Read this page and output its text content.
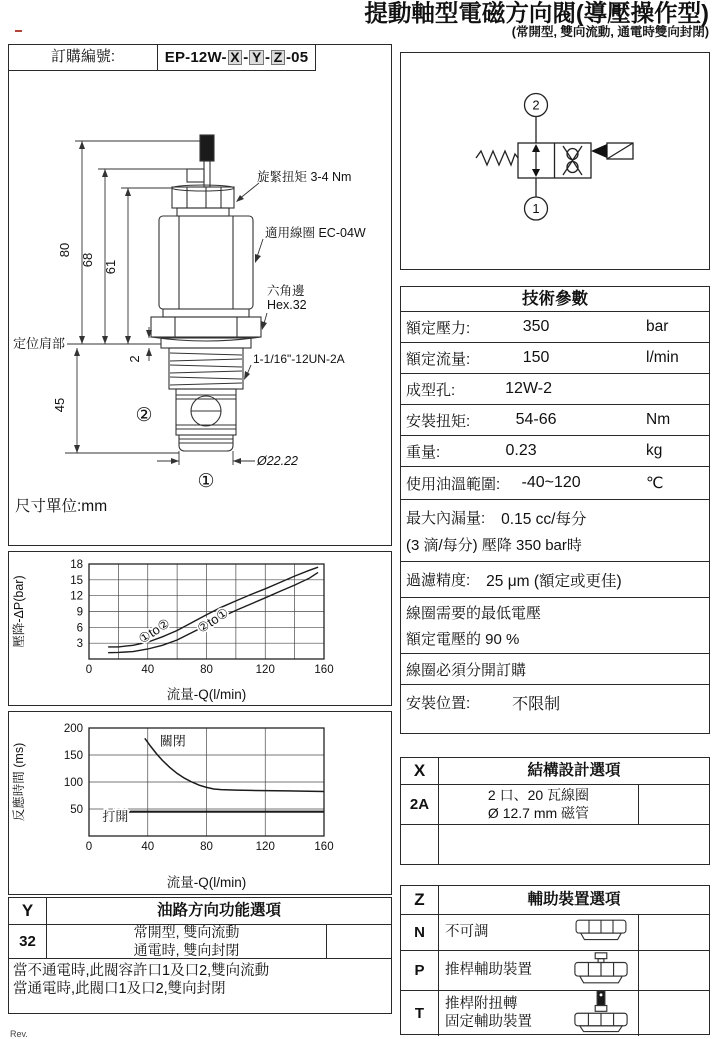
提動軸型電磁方向閥(導壓操作型)
(常開型, 雙向流動, 通電時雙向封閉)
80
68 61
2
45
Ø22.22
旋緊扭矩 3-4 Nm
適用線圈 EC-04W
六角邊
Hex.32
1-1/16"-12UN-2A
定位肩部
②
①
尺寸單位:mm
訂購編號:	EP-12W- X - Y - Z -05
2
1
技術參數
額定壓力:	350	bar
額定流量:	150	l/min
成型孔:	12W-2
安裝扭矩:	54-66	Nm
重量:	0.23	kg
使用油溫範圍:	-40~120	℃
最大內漏量: 0.15 cc/每分
(3 滴/每分) 壓降 350 bar時
過濾精度: 25 μm (額定或更佳)
線圈需要的最低電壓
額定電壓的 90 %
線圈必須分開訂購
安裝位置:	不限制
0	40	80	120	160
3
6
9
12
15
18
流量-Q(l/min)
壓降-ΔP(bar)	①to② ②to①
0	40	80	120	160
50
100
150
200
流量-Q(l/min)
反應時間 (ms)
關閉
打開
X	結構設計選項
2A
2 口、20 瓦線圈
Ø 12.7 mm 磁管
Y	油路方向功能選項
32
常開型, 雙向流動
通電時, 雙向封閉
當不通電時,此閥容許口1及口2,雙向流動
當通電時,此閥口1及口2,雙向封閉
Z	輔助裝置選項
N	不可調
P	推桿輔助裝置
T
推桿附扭轉
固定輔助裝置
Rev.
